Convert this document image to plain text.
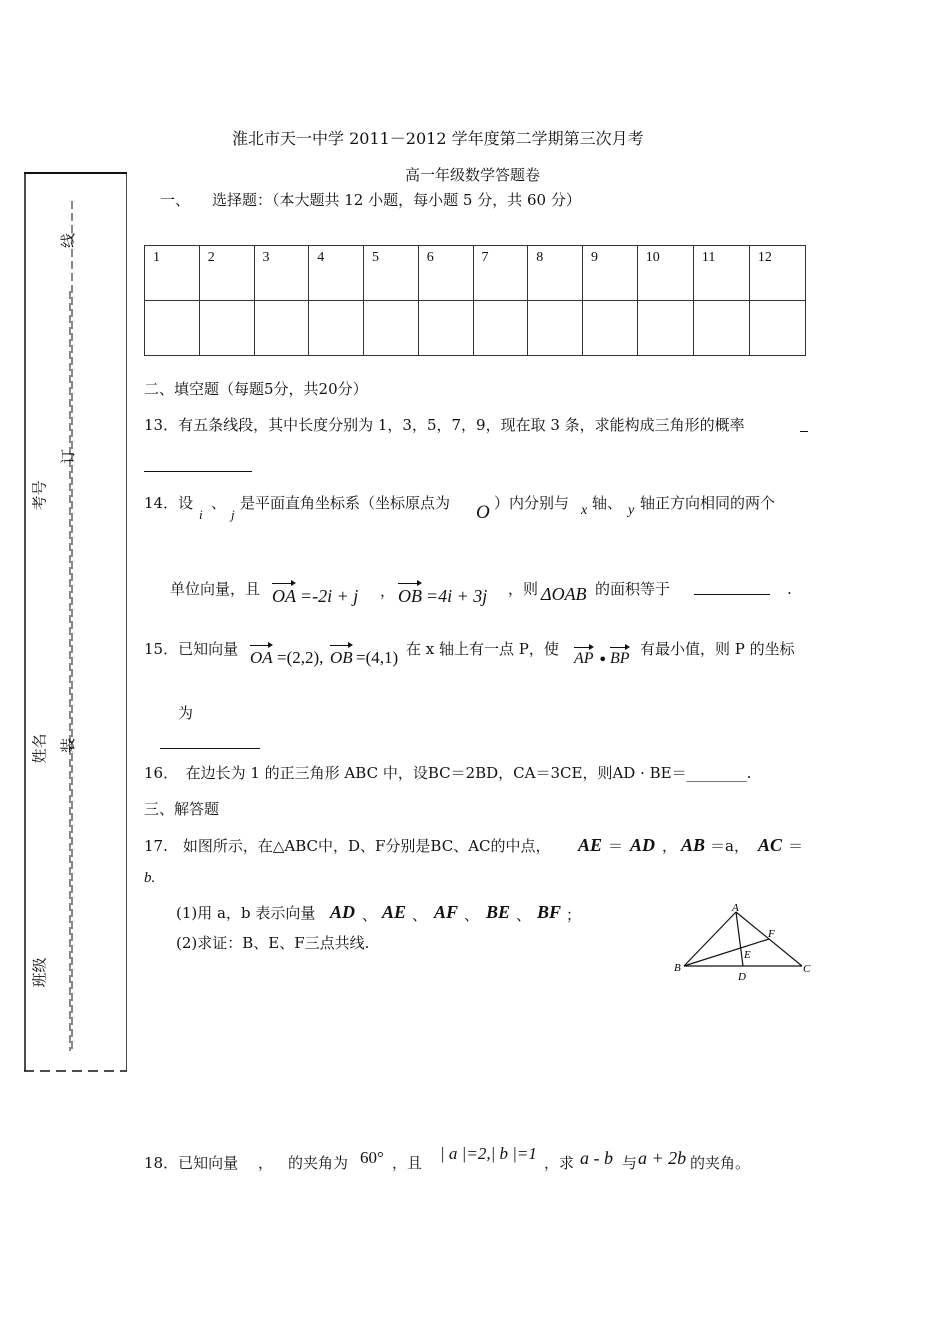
淮北市天一中学 2011－2012 学年度第二学期第三次月考
高一年级数学答题卷
线
订
装
考号
姓名
班级
一、 选择题：（本大题共 12 小题，每小题 5 分，共 60 分）
1	2	3	4	5	6	7	8	9	10	11	12

二、填空题（每题5分，共20分）
13．有五条线段，其中长度分别为 1，3，5，7，9，现在取 3 条，求能构成三角形的概率
14．设
i
、
j
是平面直角坐标系（坐标原点为 O ）内分别与 x 轴、 y 轴正方向相同的两个
单位向量，且 OA =-2i + j ， OB =4i + 3j ，则 ΔOAB 的面积等于	.
15．已知向量 OA =(2,2), OB =(4,1) 在 x 轴上有一点 P，使
AP • BP
有最小值，则 P 的坐标
为
16．　在边长为 1 的正三角形 ABC 中，设BC＝2BD，CA＝3CE，则AD · BE＝________.
三、解答题
17.　如图所示，在△ABC中，D、F分别是BC、AC的中点， AE ＝ AD ， AB ＝a， AC ＝
b.
(1)用 a，b 表示向量 AD 、 AE 、 AF 、 BE 、 BF ；
(2)求证：B、E、F三点共线.
A
B	C
D
E
F
18．已知向量 ， 的夹角为 60° ，且 | a |=2,| b |=1 ，求 a - b 与 a + 2b 的夹角。
